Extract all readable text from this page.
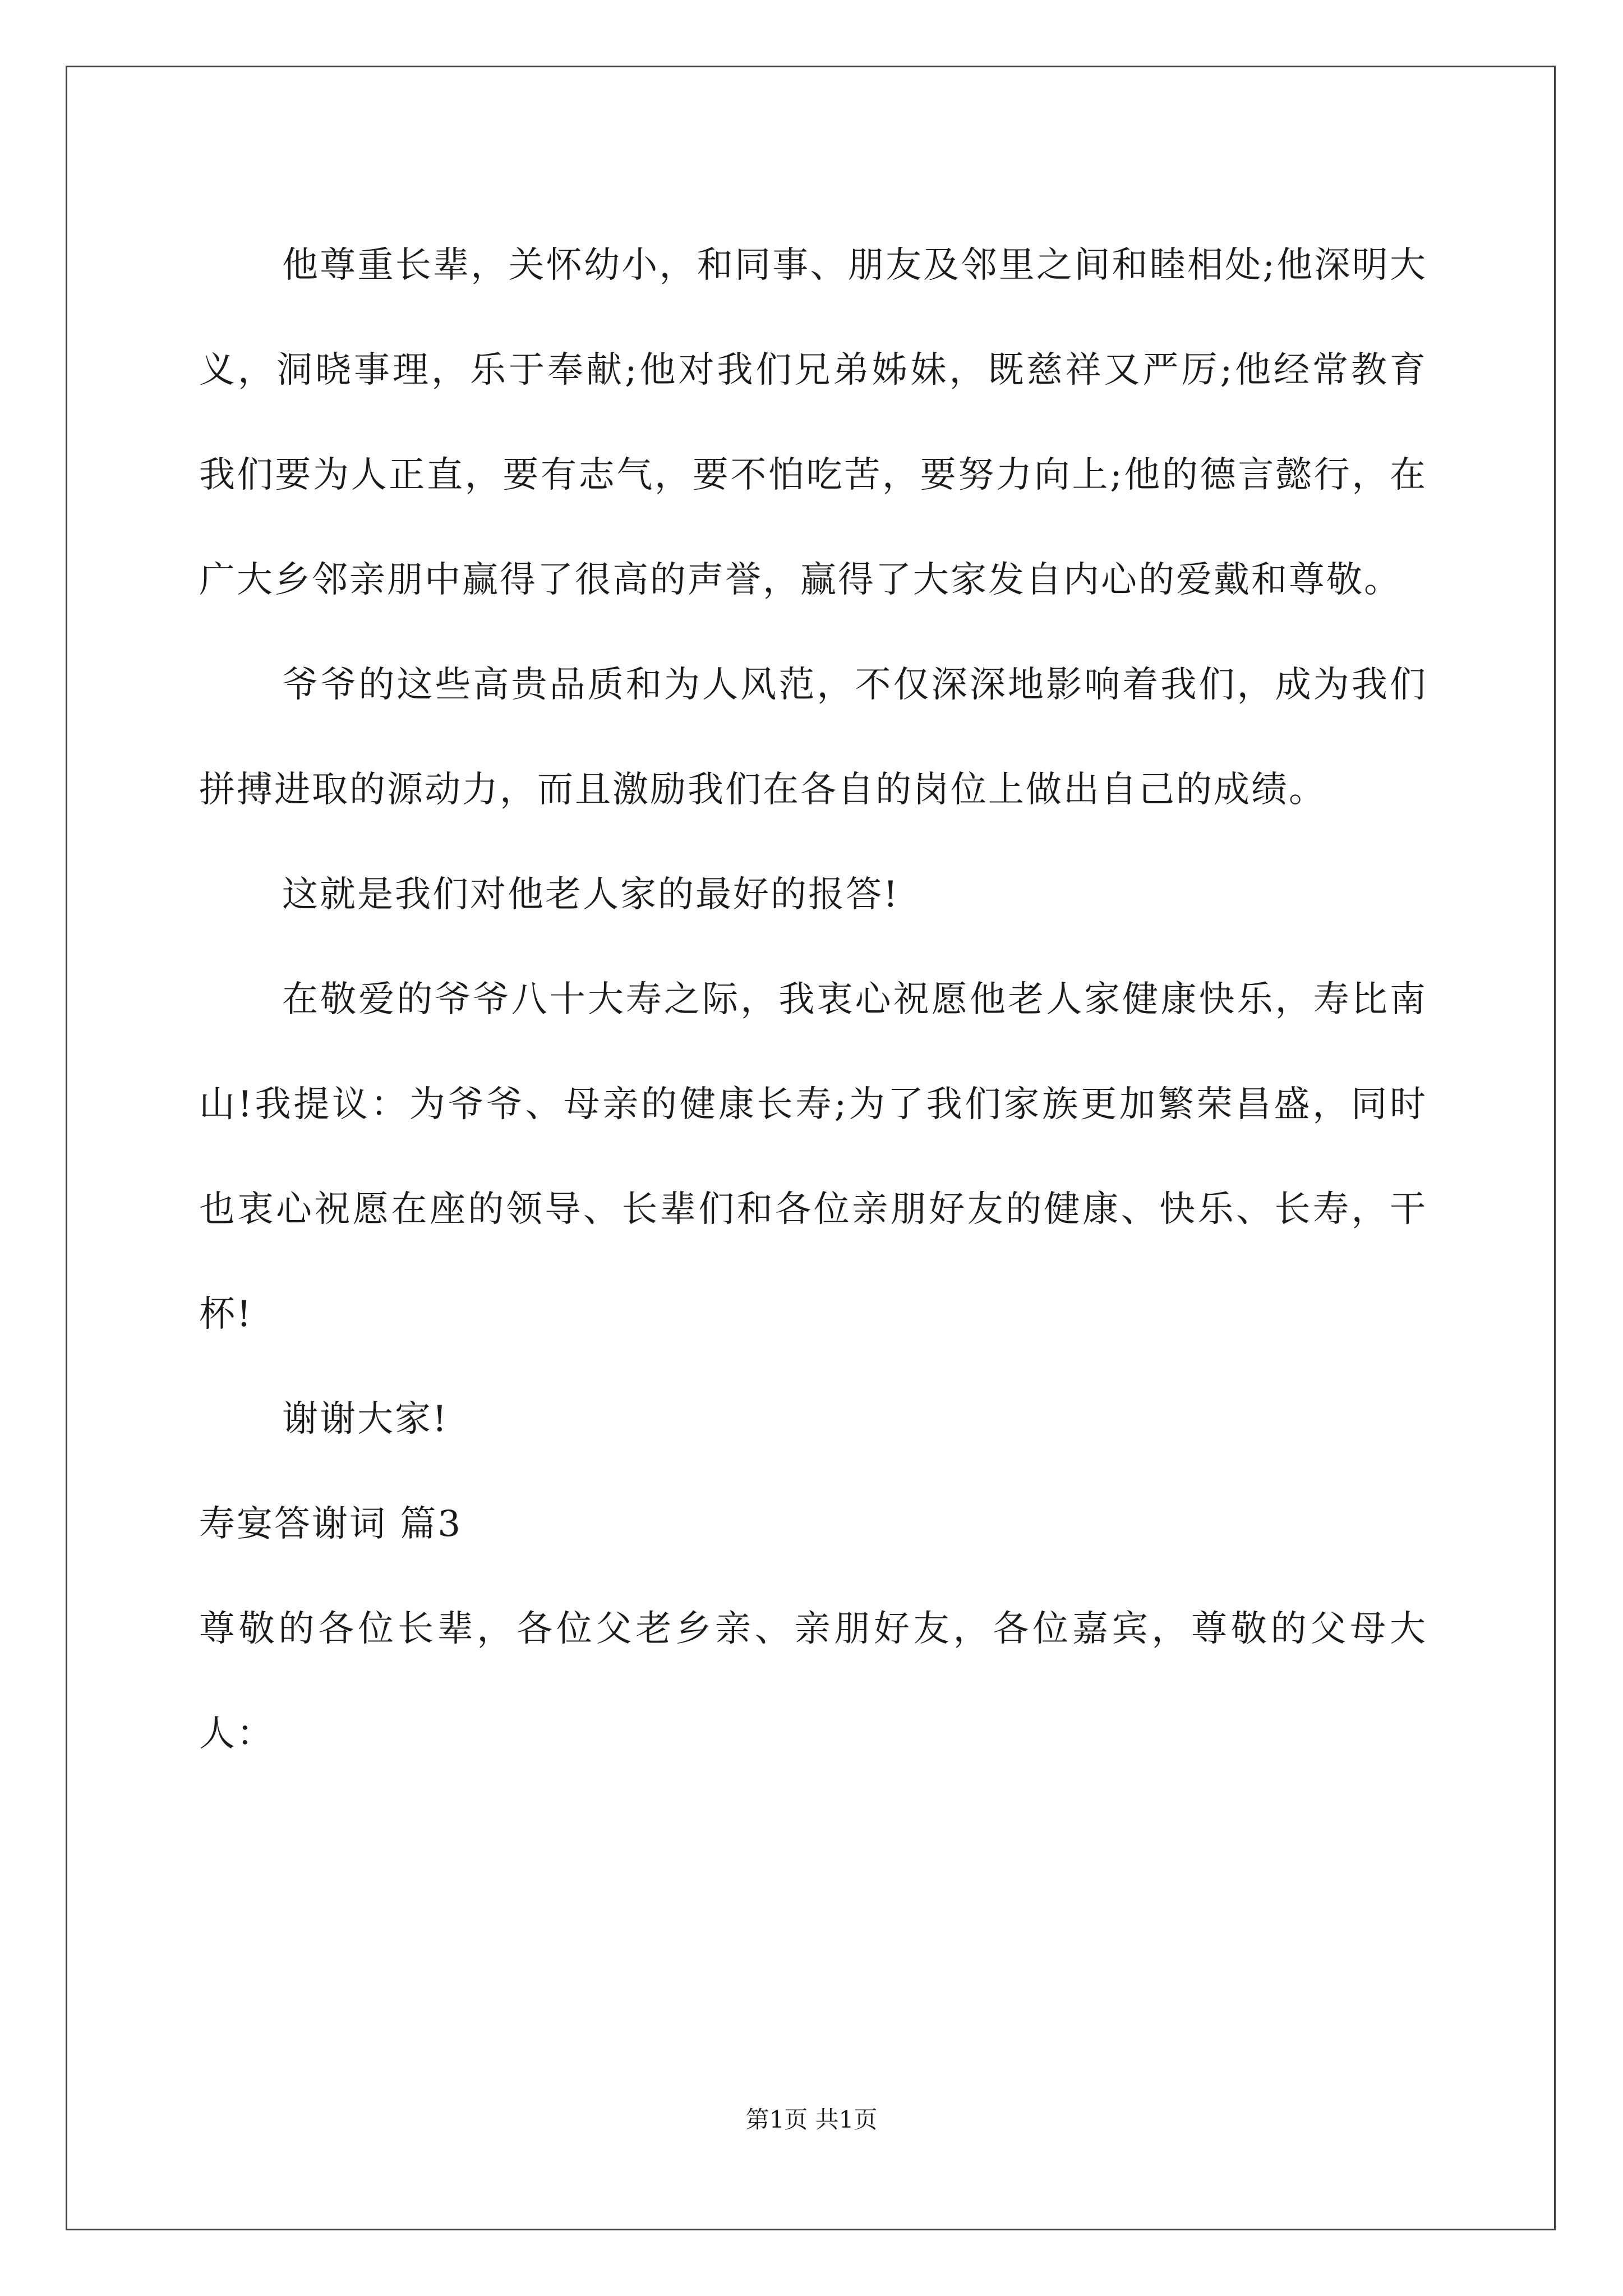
他尊重长辈，关怀幼小，和同事、朋友及邻里之间和睦相处;他深明大义，洞晓事理，乐于奉献;他对我们兄弟姊妹，既慈祥又严厉;他经常教育我们要为人正直，要有志气，要不怕吃苦，要努力向上;他的德言懿行，在广大乡邻亲朋中赢得了很高的声誉，赢得了大家发自内心的爱戴和尊敬。

爷爷的这些高贵品质和为人风范，不仅深深地影响着我们，成为我们拼搏进取的源动力，而且激励我们在各自的岗位上做出自己的成绩。

这就是我们对他老人家的最好的报答!

在敬爱的爷爷八十大寿之际，我衷心祝愿他老人家健康快乐，寿比南山!我提议：为爷爷、母亲的健康长寿;为了我们家族更加繁荣昌盛，同时也衷心祝愿在座的领导、长辈们和各位亲朋好友的健康、快乐、长寿，干杯!

谢谢大家!

寿宴答谢词 篇3

尊敬的各位长辈，各位父老乡亲、亲朋好友，各位嘉宾，尊敬的父母大人：

第1页 共1页
